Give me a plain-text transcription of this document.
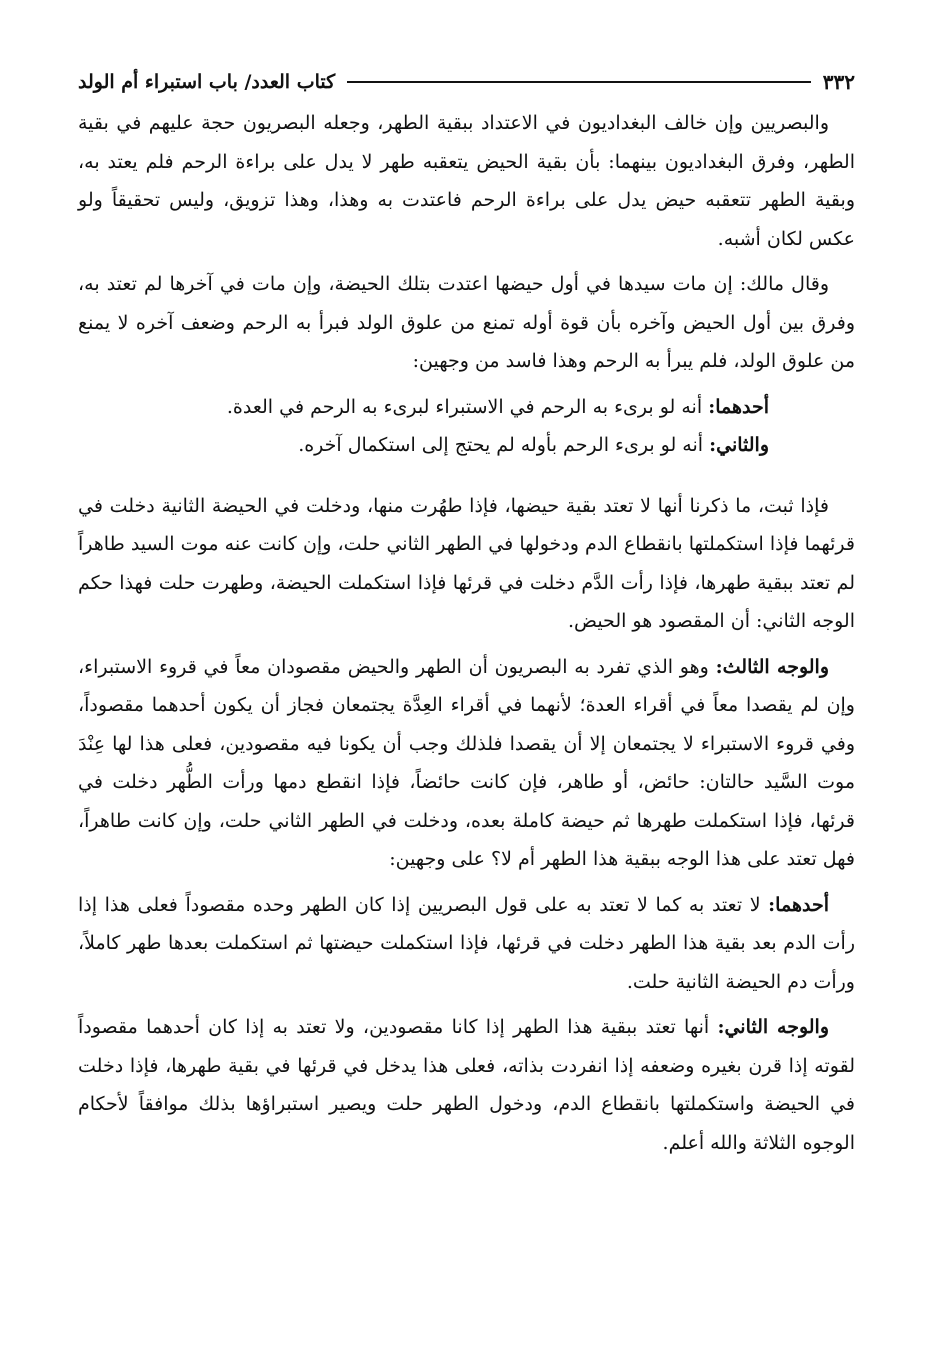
٣٣٢
كتاب العدد/ باب استبراء أم الولد

والبصريين وإن خالف البغداديون في الاعتداد ببقية الطهر، وجعله البصريون حجة عليهم في بقية الطهر، وفرق البغداديون بينهما: بأن بقية الحيض يتعقبه طهر لا يدل على براءة الرحم فلم يعتد به، وبقية الطهر تتعقبه حيض يدل على براءة الرحم فاعتدت به وهذا، وهذا تزويق، وليس تحقيقاً ولو عكس لكان أشبه.

وقال مالك: إن مات سيدها في أول حيضها اعتدت بتلك الحيضة، وإن مات في آخرها لم تعتد به، وفرق بين أول الحيض وآخره بأن قوة أوله تمنع من علوق الولد فبرأ به الرحم وضعف آخره لا يمنع من علوق الولد، فلم يبرأ به الرحم وهذا فاسد من وجهين:

أحدهما: أنه لو برىء به الرحم في الاستبراء لبرىء به الرحم في العدة.

والثاني: أنه لو برىء الرحم بأوله لم يحتج إلى استكمال آخره.

فإذا ثبت، ما ذكرنا أنها لا تعتد بقية حيضها، فإذا طهُرت منها، ودخلت في الحيضة الثانية دخلت في قرئهما فإذا استكملتها بانقطاع الدم ودخولها في الطهر الثاني حلت، وإن كانت عنه موت السيد طاهراً لم تعتد ببقية طهرها، فإذا رأت الدَّم دخلت في قرئها فإذا استكملت الحيضة، وطهرت حلت فهذا حكم الوجه الثاني: أن المقصود هو الحيض.

والوجه الثالث: وهو الذي تفرد به البصريون أن الطهر والحيض مقصودان معاً في قروء الاستبراء، وإن لم يقصدا معاً في أقراء العدة؛ لأنهما في أقراء العِدَّة يجتمعان فجاز أن يكون أحدهما مقصوداً، وفي قروء الاستبراء لا يجتمعان إلا أن يقصدا فلذلك وجب أن يكونا فيه مقصودين، فعلى هذا لها عِنْدَ موت السَّيد حالتان: حائض، أو طاهر، فإن كانت حائضاً، فإذا انقطع دمها ورأت الطُّهر دخلت في قرئها، فإذا استكملت طهرها ثم حيضة كاملة بعده، ودخلت في الطهر الثاني حلت، وإن كانت طاهراً، فهل تعتد على هذا الوجه ببقية هذا الطهر أم لا؟ على وجهين:

أحدهما: لا تعتد به كما لا تعتد به على قول البصريين إذا كان الطهر وحده مقصوداً فعلى هذا إذا رأت الدم بعد بقية هذا الطهر دخلت في قرئها، فإذا استكملت حيضتها ثم استكملت بعدها طهر كاملاً، ورأت دم الحيضة الثانية حلت.

والوجه الثاني: أنها تعتد ببقية هذا الطهر إذا كانا مقصودين، ولا تعتد به إذا كان أحدهما مقصوداً لقوته إذا قرن بغيره وضعفه إذا انفردت بذاته، فعلى هذا يدخل في قرئها في بقية طهرها، فإذا دخلت في الحيضة واستكملتها بانقطاع الدم، ودخول الطهر حلت ويصير استبراؤها بذلك موافقاً لأحكام الوجوه الثلاثة والله أعلم.
